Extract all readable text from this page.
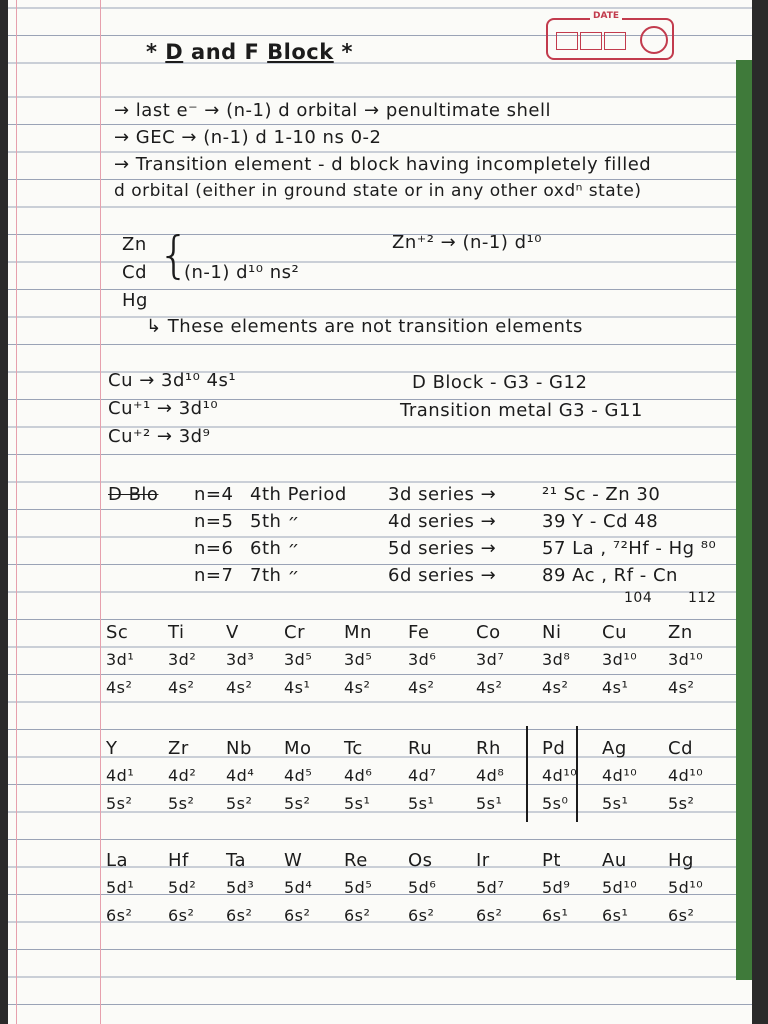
DATE
* D and F Block *
→ last e⁻ → (n-1) d orbital → penultimate shell
→ GEC → (n-1) d 1-10 ns 0-2
→ Transition element - d block having incompletely filled
d orbital (either in ground state or in any other oxdⁿ state)
Zn
Cd
Hg
{
(n-1) d¹⁰ ns²
Zn⁺² → (n-1) d¹⁰
↳ These elements are not transition elements
Cu → 3d¹⁰ 4s¹
Cu⁺¹ → 3d¹⁰
Cu⁺² → 3d⁹
D Block - G3 - G12
Transition metal G3 - G11
D Blo n=4 4th Period 3d series →	²¹ Sc - Zn 30
n=5 5th ״	4d series →	39 Y - Cd 48
n=6 6th ״	5d series →	57 La , ⁷²Hf - Hg ⁸⁰
n=7 7th ״	6d series →	89 Ac , Rf - Cn
104	112
Sc Ti V	Cr Mn Fe	Co Ni Cu Zn
3d¹ 3d² 3d³ 3d⁵ 3d⁵ 3d⁶ 3d⁷ 3d⁸ 3d¹⁰ 3d¹⁰
4s² 4s² 4s² 4s¹ 4s² 4s²	4s² 4s² 4s¹ 4s²
Y	Zr Nb Mo Tc	Ru Rh Pd Ag Cd
4d¹ 4d² 4d⁴ 4d⁵ 4d⁶ 4d⁷ 4d⁸ 4d¹⁰ 4d¹⁰ 4d¹⁰
5s² 5s² 5s² 5s² 5s¹ 5s¹	5s¹ 5s⁰ 5s¹ 5s²
La Hf Ta W Re Os Ir	Pt Au Hg
5d¹ 5d² 5d³ 5d⁴ 5d⁵ 5d⁶ 5d⁷ 5d⁹ 5d¹⁰ 5d¹⁰
6s² 6s² 6s² 6s² 6s² 6s²	6s² 6s¹ 6s¹ 6s²
